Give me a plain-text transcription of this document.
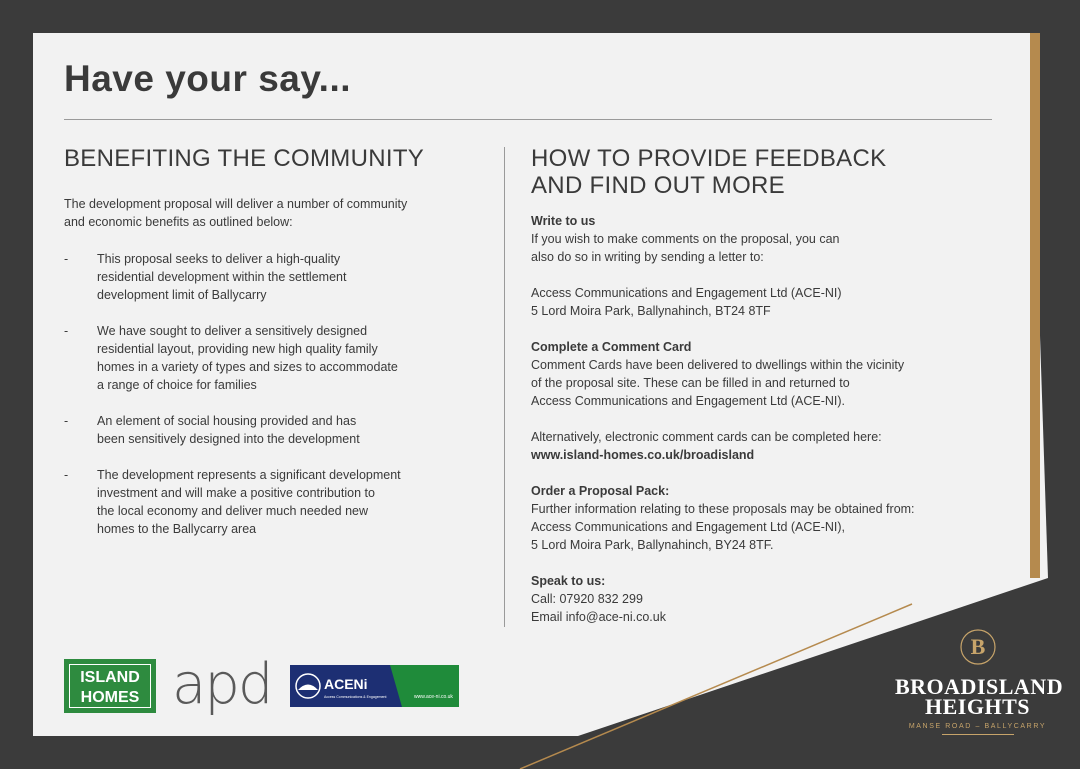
Have your say...
BENEFITING THE COMMUNITY

The development proposal will deliver a number of community

and economic benefits as outlined below:

- This proposal seeks to deliver a high-quality
residential development within the settlement
development limit of Ballycarry
- We have sought to deliver a sensitively designed
residential layout, providing new high quality family
homes in a variety of types and sizes to accommodate
a range of choice for families
- An element of social housing provided and has
been sensitively designed into the development
- The development represents a significant development
investment and will make a positive contribution to
the local economy and deliver much needed new
homes to the Ballycarry area
HOW TO PROVIDE FEEDBACK
AND FIND OUT MORE

Write to us

If you wish to make comments on the proposal, you can

also do so in writing by sending a letter to:

Access Communications and Engagement Ltd (ACE-NI)

5 Lord Moira Park, Ballynahinch, BT24 8TF

Complete a Comment Card

Comment Cards have been delivered to dwellings within the vicinity

of the proposal site. These can be filled in and returned to

Access Communications and Engagement Ltd (ACE-NI).

Alternatively, electronic comment cards can be completed here:

www.island-homes.co.uk/broadisland

Order a Proposal Pack:

Further information relating to these proposals may be obtained from:

Access Communications and Engagement Ltd (ACE-NI),

5 Lord Moira Park, Ballynahinch, BY24 8TF.

Speak to us:

Call: 07920 832 299

Email info@ace-ni.co.uk

ISLAND
HOMES apd	ACENi
Access Communications & Engagement	www.ace-ni.co.uk
B
BROADISLAND
HEIGHTS
MANSE ROAD – BALLYCARRY
